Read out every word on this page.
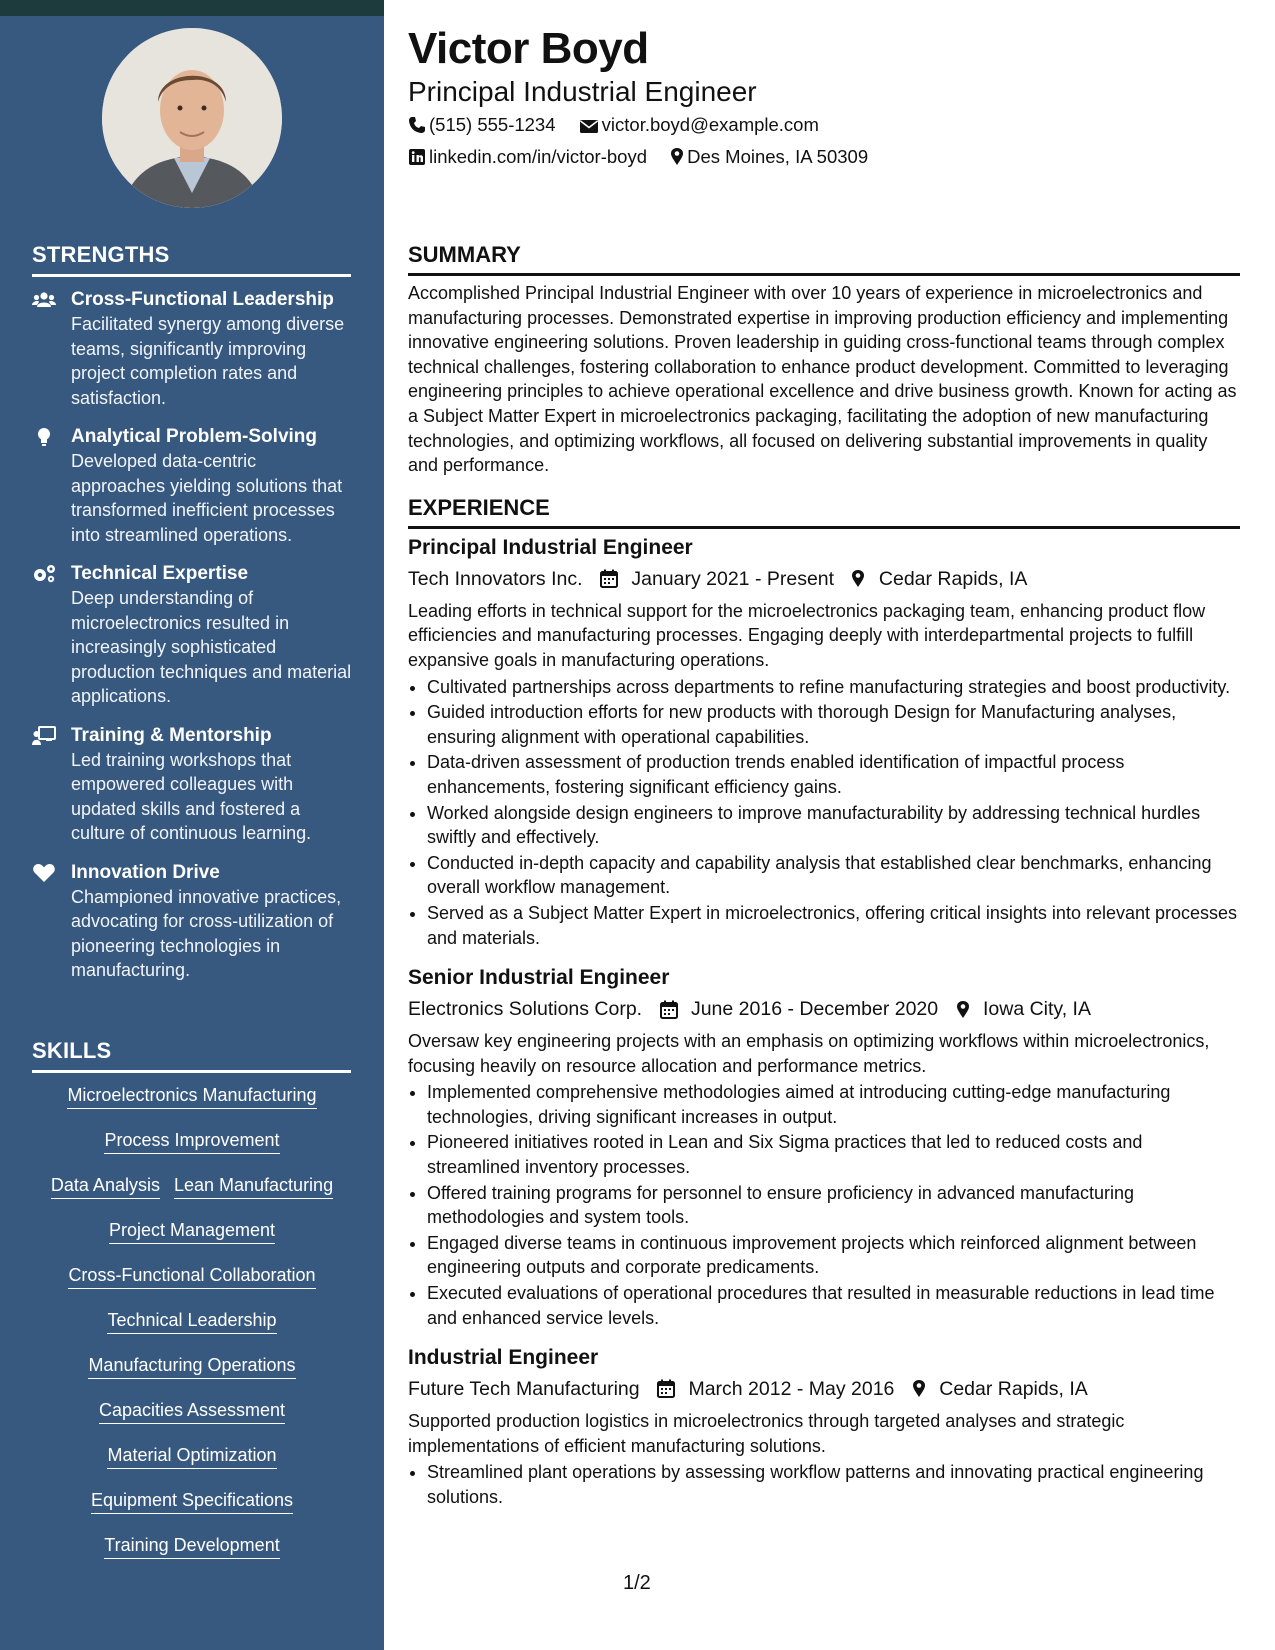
STRENGTHS
Cross-Functional Leadership
Facilitated synergy among diverse teams, significantly improving project completion rates and satisfaction.
Analytical Problem-Solving
Developed data-centric approaches yielding solutions that transformed inefficient processes into streamlined operations.
Technical Expertise
Deep understanding of microelectronics resulted in increasingly sophisticated production techniques and material applications.
Training & Mentorship
Led training workshops that empowered colleagues with updated skills and fostered a culture of continuous learning.
Innovation Drive
Championed innovative practices, advocating for cross-utilization of pioneering technologies in manufacturing.
SKILLS
Microelectronics Manufacturing
Process Improvement
Data Analysis Lean Manufacturing
Project Management
Cross-Functional Collaboration
Technical Leadership
Manufacturing Operations
Capacities Assessment
Material Optimization
Equipment Specifications
Training Development
Victor Boyd
Principal Industrial Engineer
(515) 555-1234 victor.boyd@example.com
linkedin.com/in/victor-boyd Des Moines, IA 50309
SUMMARY
Accomplished Principal Industrial Engineer with over 10 years of experience in microelectronics and manufacturing processes. Demonstrated expertise in improving production efficiency and implementing innovative engineering solutions. Proven leadership in guiding cross-functional teams through complex technical challenges, fostering collaboration to enhance product development. Committed to leveraging engineering principles to achieve operational excellence and drive business growth. Known for acting as a Subject Matter Expert in microelectronics packaging, facilitating the adoption of new manufacturing technologies, and optimizing workflows, all focused on delivering substantial improvements in quality and performance.
EXPERIENCE
Principal Industrial Engineer
Tech Innovators Inc.	January 2021 - Present Cedar Rapids, IA
Leading efforts in technical support for the microelectronics packaging team, enhancing product flow efficiencies and manufacturing processes. Engaging deeply with interdepartmental projects to fulfill expansive goals in manufacturing operations.
• Cultivated partnerships across departments to refine manufacturing strategies and boost productivity.
• Guided introduction efforts for new products with thorough Design for Manufacturing analyses, ensuring alignment with operational capabilities.
• Data-driven assessment of production trends enabled identification of impactful process enhancements, fostering significant efficiency gains.
• Worked alongside design engineers to improve manufacturability by addressing technical hurdles swiftly and effectively.
• Conducted in-depth capacity and capability analysis that established clear benchmarks, enhancing overall workflow management.
• Served as a Subject Matter Expert in microelectronics, offering critical insights into relevant processes and materials.
Senior Industrial Engineer
Electronics Solutions Corp.	June 2016 - December 2020 Iowa City, IA
Oversaw key engineering projects with an emphasis on optimizing workflows within microelectronics, focusing heavily on resource allocation and performance metrics.
• Implemented comprehensive methodologies aimed at introducing cutting-edge manufacturing technologies, driving significant increases in output.
• Pioneered initiatives rooted in Lean and Six Sigma practices that led to reduced costs and streamlined inventory processes.
• Offered training programs for personnel to ensure proficiency in advanced manufacturing methodologies and system tools.
• Engaged diverse teams in continuous improvement projects which reinforced alignment between engineering outputs and corporate predicaments.
• Executed evaluations of operational procedures that resulted in measurable reductions in lead time and enhanced service levels.
Industrial Engineer
Future Tech Manufacturing	March 2012 - May 2016 Cedar Rapids, IA
Supported production logistics in microelectronics through targeted analyses and strategic implementations of efficient manufacturing solutions.
• Streamlined plant operations by assessing workflow patterns and innovating practical engineering solutions.
1/2
